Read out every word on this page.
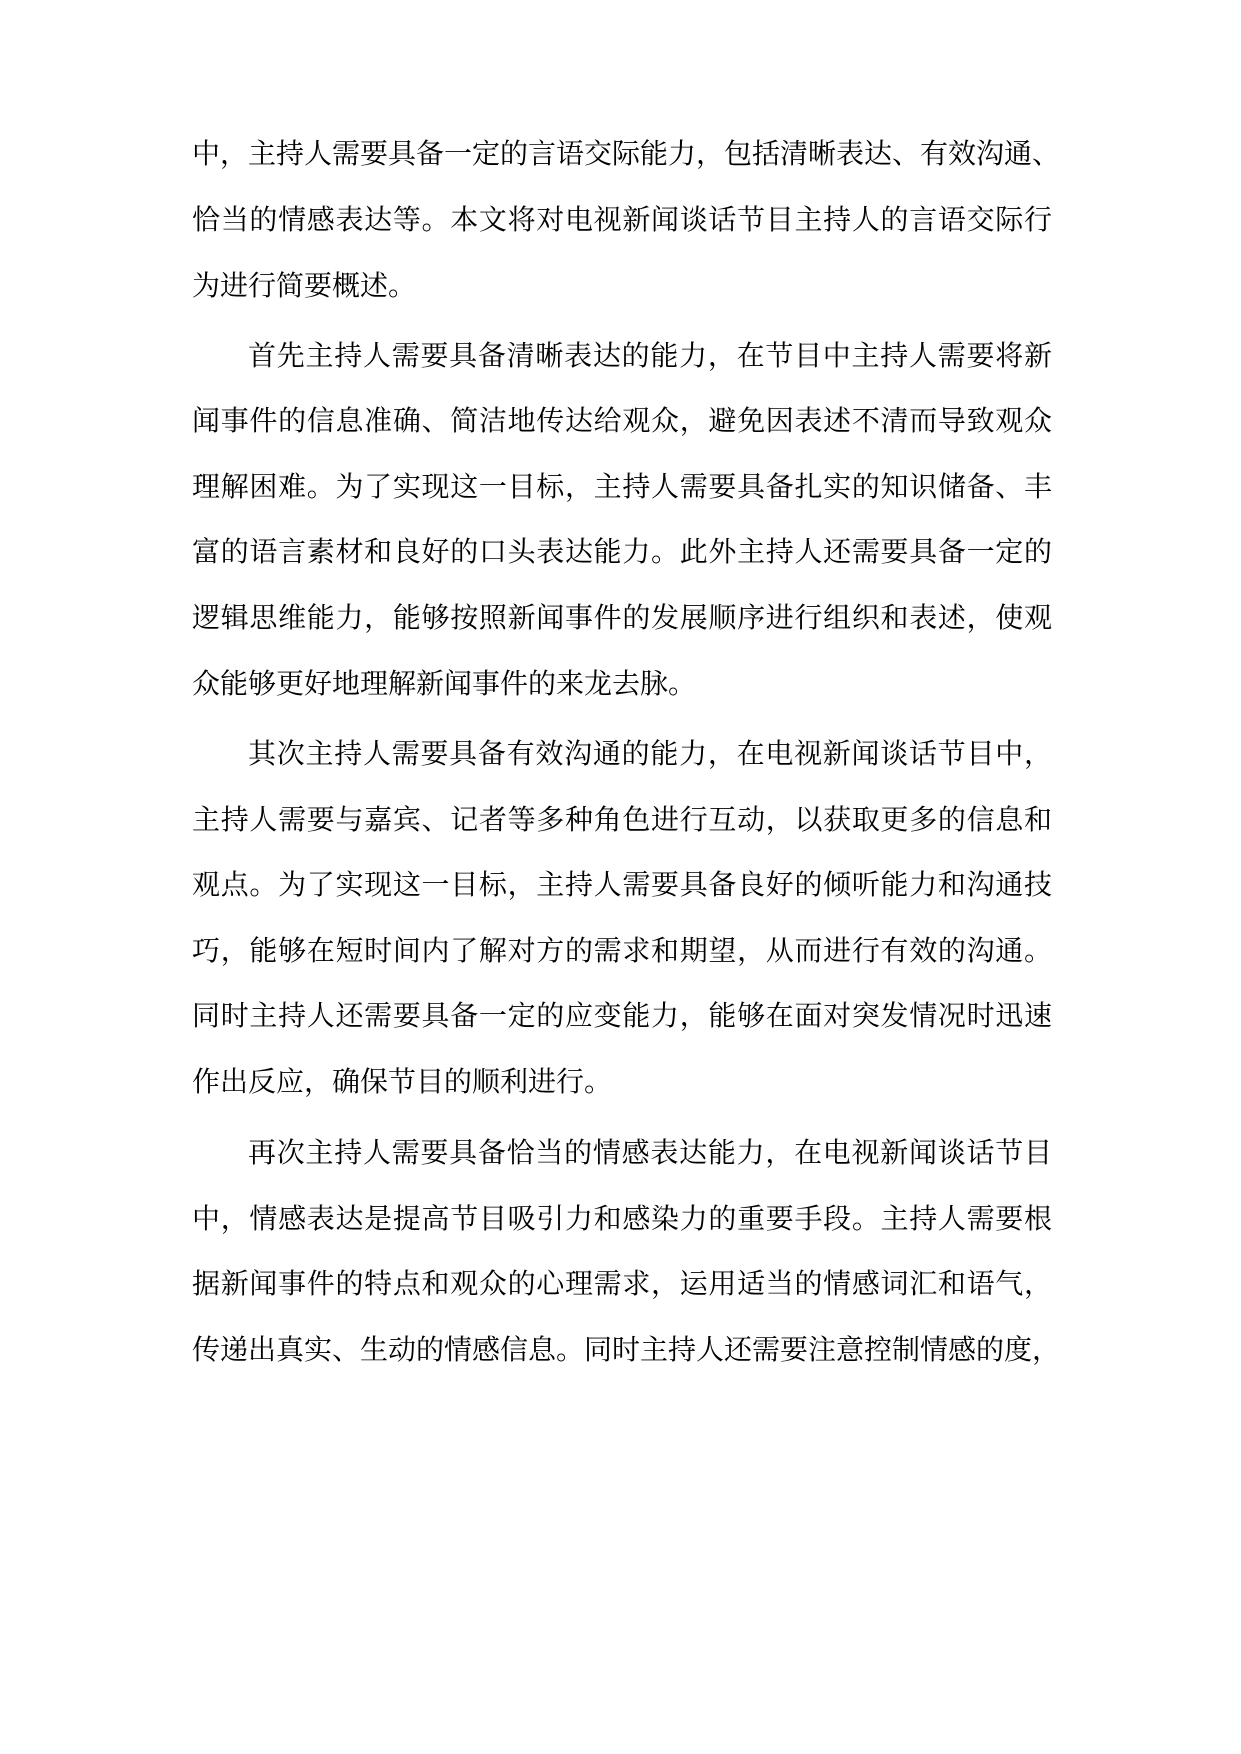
中，主持人需要具备一定的言语交际能力，包括清晰表达、有效沟通、
恰当的情感表达等。本文将对电视新闻谈话节目主持人的言语交际行
为进行简要概述。
首先主持人需要具备清晰表达的能力，在节目中主持人需要将新
闻事件的信息准确、简洁地传达给观众，避免因表述不清而导致观众
理解困难。为了实现这一目标，主持人需要具备扎实的知识储备、丰
富的语言素材和良好的口头表达能力。此外主持人还需要具备一定的
逻辑思维能力，能够按照新闻事件的发展顺序进行组织和表述，使观
众能够更好地理解新闻事件的来龙去脉。
其次主持人需要具备有效沟通的能力，在电视新闻谈话节目中，
主持人需要与嘉宾、记者等多种角色进行互动，以获取更多的信息和
观点。为了实现这一目标，主持人需要具备良好的倾听能力和沟通技
巧，能够在短时间内了解对方的需求和期望，从而进行有效的沟通。
同时主持人还需要具备一定的应变能力，能够在面对突发情况时迅速
作出反应，确保节目的顺利进行。
再次主持人需要具备恰当的情感表达能力，在电视新闻谈话节目
中，情感表达是提高节目吸引力和感染力的重要手段。主持人需要根
据新闻事件的特点和观众的心理需求，运用适当的情感词汇和语气，
传递出真实、生动的情感信息。同时主持人还需要注意控制情感的度，
